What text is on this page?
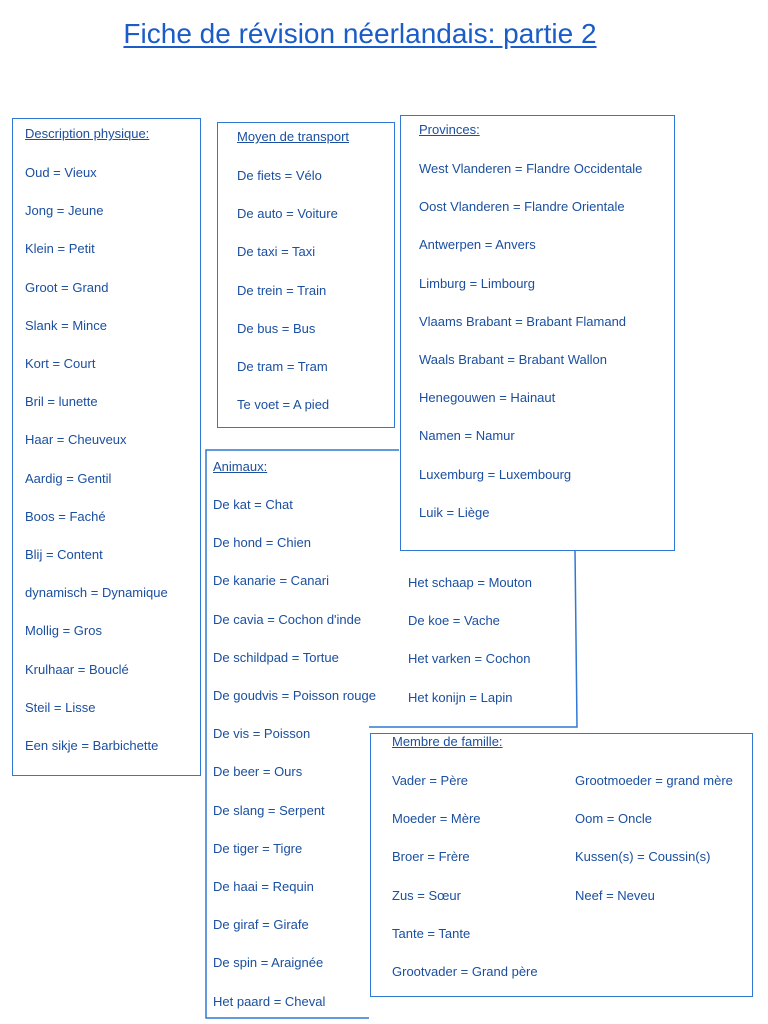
Fiche de révision néerlandais: partie 2
Description physique:
Oud = Vieux
Jong = Jeune
Klein = Petit
Groot = Grand
Slank = Mince
Kort = Court
Bril = lunette
Haar = Cheuveux
Aardig = Gentil
Boos = Faché
Blij = Content
dynamisch = Dynamique
Mollig = Gros
Krulhaar = Bouclé
Steil = Lisse
Een sikje = Barbichette
Moyen de transport
De fiets = Vélo
De auto = Voiture
De taxi = Taxi
De trein = Train
De bus = Bus
De tram = Tram
Te voet = A pied
Animaux:
De kat = Chat
De hond = Chien
De kanarie = Canari
De cavia = Cochon d'inde
De schildpad = Tortue
De goudvis = Poisson rouge
De vis = Poisson
De beer = Ours
De slang = Serpent
De tiger = Tigre
De haai = Requin
De giraf = Girafe
De spin = Araignée
Het paard = Cheval
Het schaap = Mouton
De koe = Vache
Het varken = Cochon
Het konijn = Lapin
Provinces:
West Vlanderen = Flandre Occidentale
Oost Vlanderen = Flandre Orientale
Antwerpen = Anvers
Limburg = Limbourg
Vlaams Brabant = Brabant Flamand
Waals Brabant = Brabant Wallon
Henegouwen = Hainaut
Namen = Namur
Luxemburg = Luxembourg
Luik = Liège
Membre de famille:
Vader = Père
Moeder = Mère
Broer = Frère
Zus = Sœur
Tante = Tante
Grootvader = Grand père
Grootmoeder = grand mère
Oom = Oncle
Kussen(s) = Coussin(s)
Neef = Neveu
